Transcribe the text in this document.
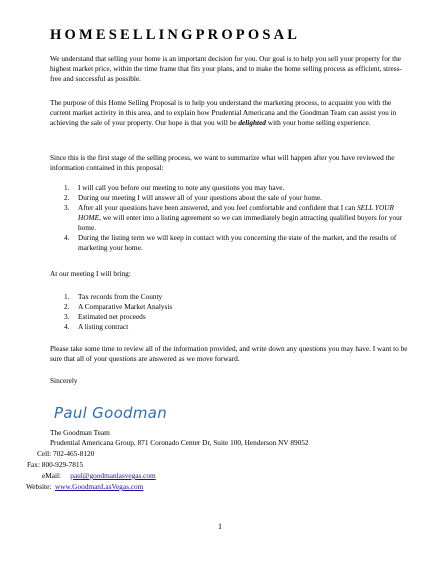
HOMESELLINGPROPOSAL

We understand that selling your home is an important decision for you. Our goal is to help you sell your property for the highest market price, within the time frame that fits your plans, and to make the home selling process as efficient, stress-free and successful as possible.

The purpose of this Home Selling Proposal is to help you understand the marketing process, to acquaint you with the current market activity in this area, and to explain how Prudential Americana and the Goodman Team can assist you in achieving the sale of your property. Our hope is that you will be delighted with your home selling experience.

Since this is the first stage of the selling process, we want to summarize what will happen after you have reviewed the information contained in this proposal:

1. I will call you before our meeting to note any questions you may have.
2. During our meeting I will answer all of your questions about the sale of your home.
3. After all your questions have been answered, and you feel comfortable and confident that I can SELL YOUR HOME, we will enter into a listing agreement so we can immediately begin attracting qualified buyers for your home.
4. During the listing term we will keep in contact with you concerning the state of the market, and the results of marketing your home.

At our meeting I will bring:

1. Tax records from the County
2. A Comparative Market Analysis
3. Estimated net proceeds
4. A listing contract

Please take some time to review all of the information provided, and write down any questions you may have. I want to be sure that all of your questions are answered as we move forward.

Sincerely

Paul Goodman
The Goodman Team
Prudential Americana Group, 871 Coronado Center Dr, Suite 100, Henderson NV 89052
Cell: 702-465-8120
Fax: 800-929-7815
eMail: paul@goodmanlasvegas.com
Website: www.GoodmanLasVegas.com
1
